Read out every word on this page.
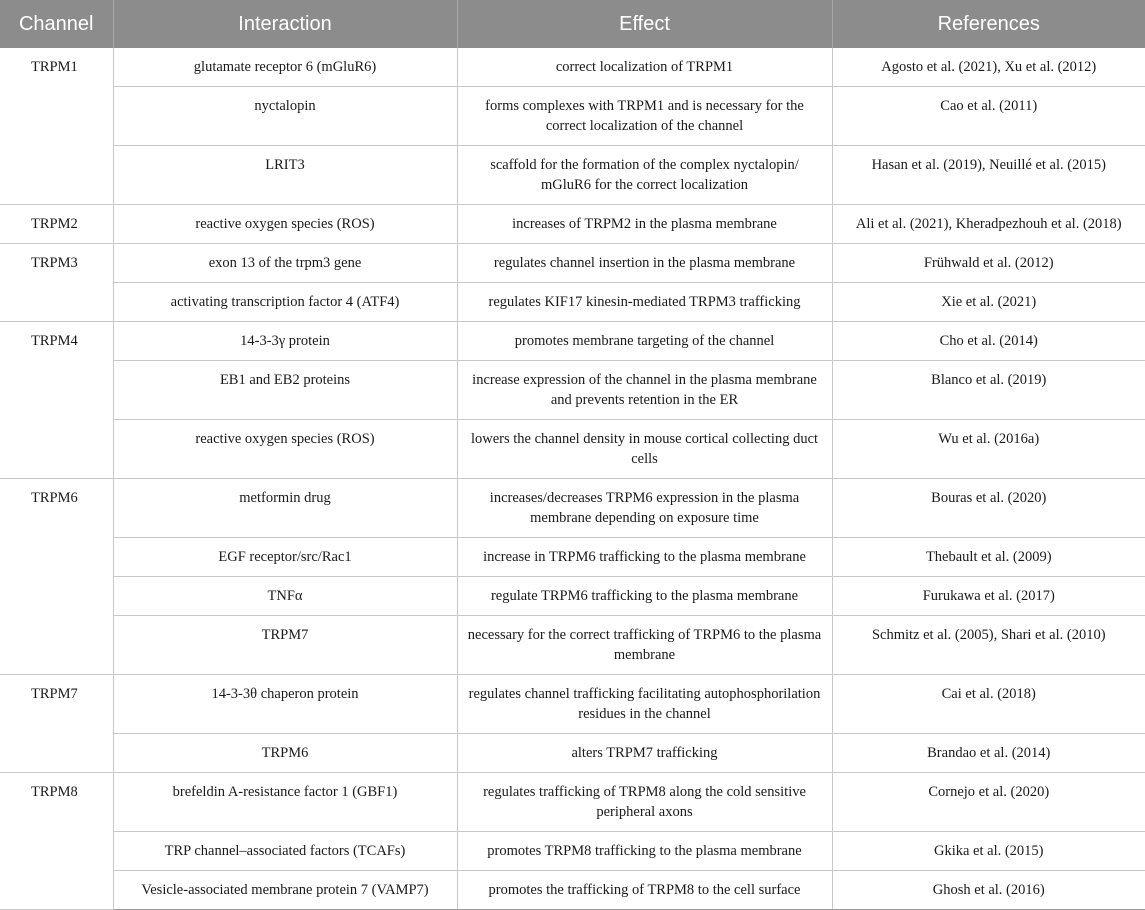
Channel	Interaction	Effect	References
TRPM1	glutamate receptor 6 (mGluR6)	correct localization of TRPM1	Agosto et al. (2021), Xu et al. (2012)
	nyctalopin	forms complexes with TRPM1 and is necessary for the correct localization of the channel	Cao et al. (2011)
	LRIT3	scaffold for the formation of the complex nyctalopin/ mGluR6 for the correct localization	Hasan et al. (2019), Neuillé et al. (2015)
TRPM2	reactive oxygen species (ROS)	increases of TRPM2 in the plasma membrane	Ali et al. (2021), Kheradpezhouh et al. (2018)
TRPM3	exon 13 of the trpm3 gene	regulates channel insertion in the plasma membrane	Frühwald et al. (2012)
	activating transcription factor 4 (ATF4)	regulates KIF17 kinesin-mediated TRPM3 trafficking	Xie et al. (2021)
TRPM4	14-3-3γ protein	promotes membrane targeting of the channel	Cho et al. (2014)
	EB1 and EB2 proteins	increase expression of the channel in the plasma membrane and prevents retention in the ER	Blanco et al. (2019)
	reactive oxygen species (ROS)	lowers the channel density in mouse cortical collecting duct cells	Wu et al. (2016a)
TRPM6	metformin drug	increases/decreases TRPM6 expression in the plasma membrane depending on exposure time	Bouras et al. (2020)
	EGF receptor/src/Rac1	increase in TRPM6 trafficking to the plasma membrane	Thebault et al. (2009)
	TNFα	regulate TRPM6 trafficking to the plasma membrane	Furukawa et al. (2017)
	TRPM7	necessary for the correct trafficking of TRPM6 to the plasma membrane	Schmitz et al. (2005), Shari et al. (2010)
TRPM7	14-3-3θ chaperon protein	regulates channel trafficking facilitating autophosphorilation residues in the channel	Cai et al. (2018)
	TRPM6	alters TRPM7 trafficking	Brandao et al. (2014)
TRPM8	brefeldin A-resistance factor 1 (GBF1)	regulates trafficking of TRPM8 along the cold sensitive peripheral axons	Cornejo et al. (2020)
	TRP channel–associated factors (TCAFs)	promotes TRPM8 trafficking to the plasma membrane	Gkika et al. (2015)
	Vesicle-associated membrane protein 7 (VAMP7)	promotes the trafficking of TRPM8 to the cell surface	Ghosh et al. (2016)
